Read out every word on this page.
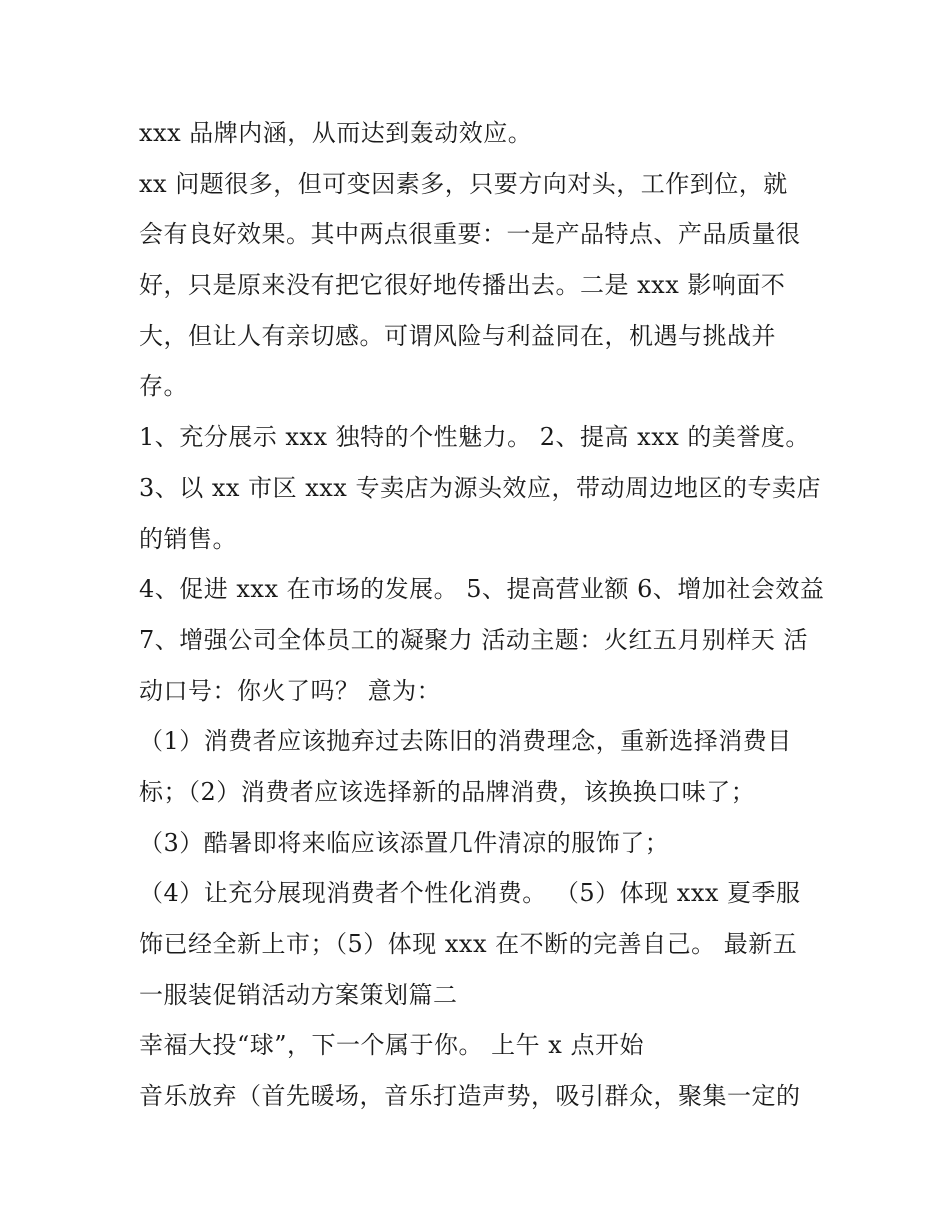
xxx 品牌内涵，从而达到轰动效应。
xx 问题很多，但可变因素多，只要方向对头，工作到位，就
会有良好效果。其中两点很重要：一是产品特点、产品质量很
好，只是原来没有把它很好地传播出去。二是 xxx 影响面不
大，但让人有亲切感。可谓风险与利益同在，机遇与挑战并
存。
1、充分展示 xxx 独特的个性魅力。 2、提高 xxx 的美誉度。
3、以 xx 市区 xxx 专卖店为源头效应，带动周边地区的专卖店
的销售。
4、促进 xxx 在市场的发展。 5、提高营业额 6、增加社会效益
7、增强公司全体员工的凝聚力 活动主题：火红五月别样天 活
动口号：你火了吗？ 意为：
（1）消费者应该抛弃过去陈旧的消费理念，重新选择消费目
标；（2）消费者应该选择新的品牌消费，该换换口味了；
（3）酷暑即将来临应该添置几件清凉的服饰了；
（4）让充分展现消费者个性化消费。 （5）体现 xxx 夏季服
饰已经全新上市；（5）体现 xxx 在不断的完善自己。 最新五
一服装促销活动方案策划篇二
幸福大投“球”，下一个属于你。 上午 x 点开始
音乐放弃（首先暖场，音乐打造声势，吸引群众，聚集一定的
